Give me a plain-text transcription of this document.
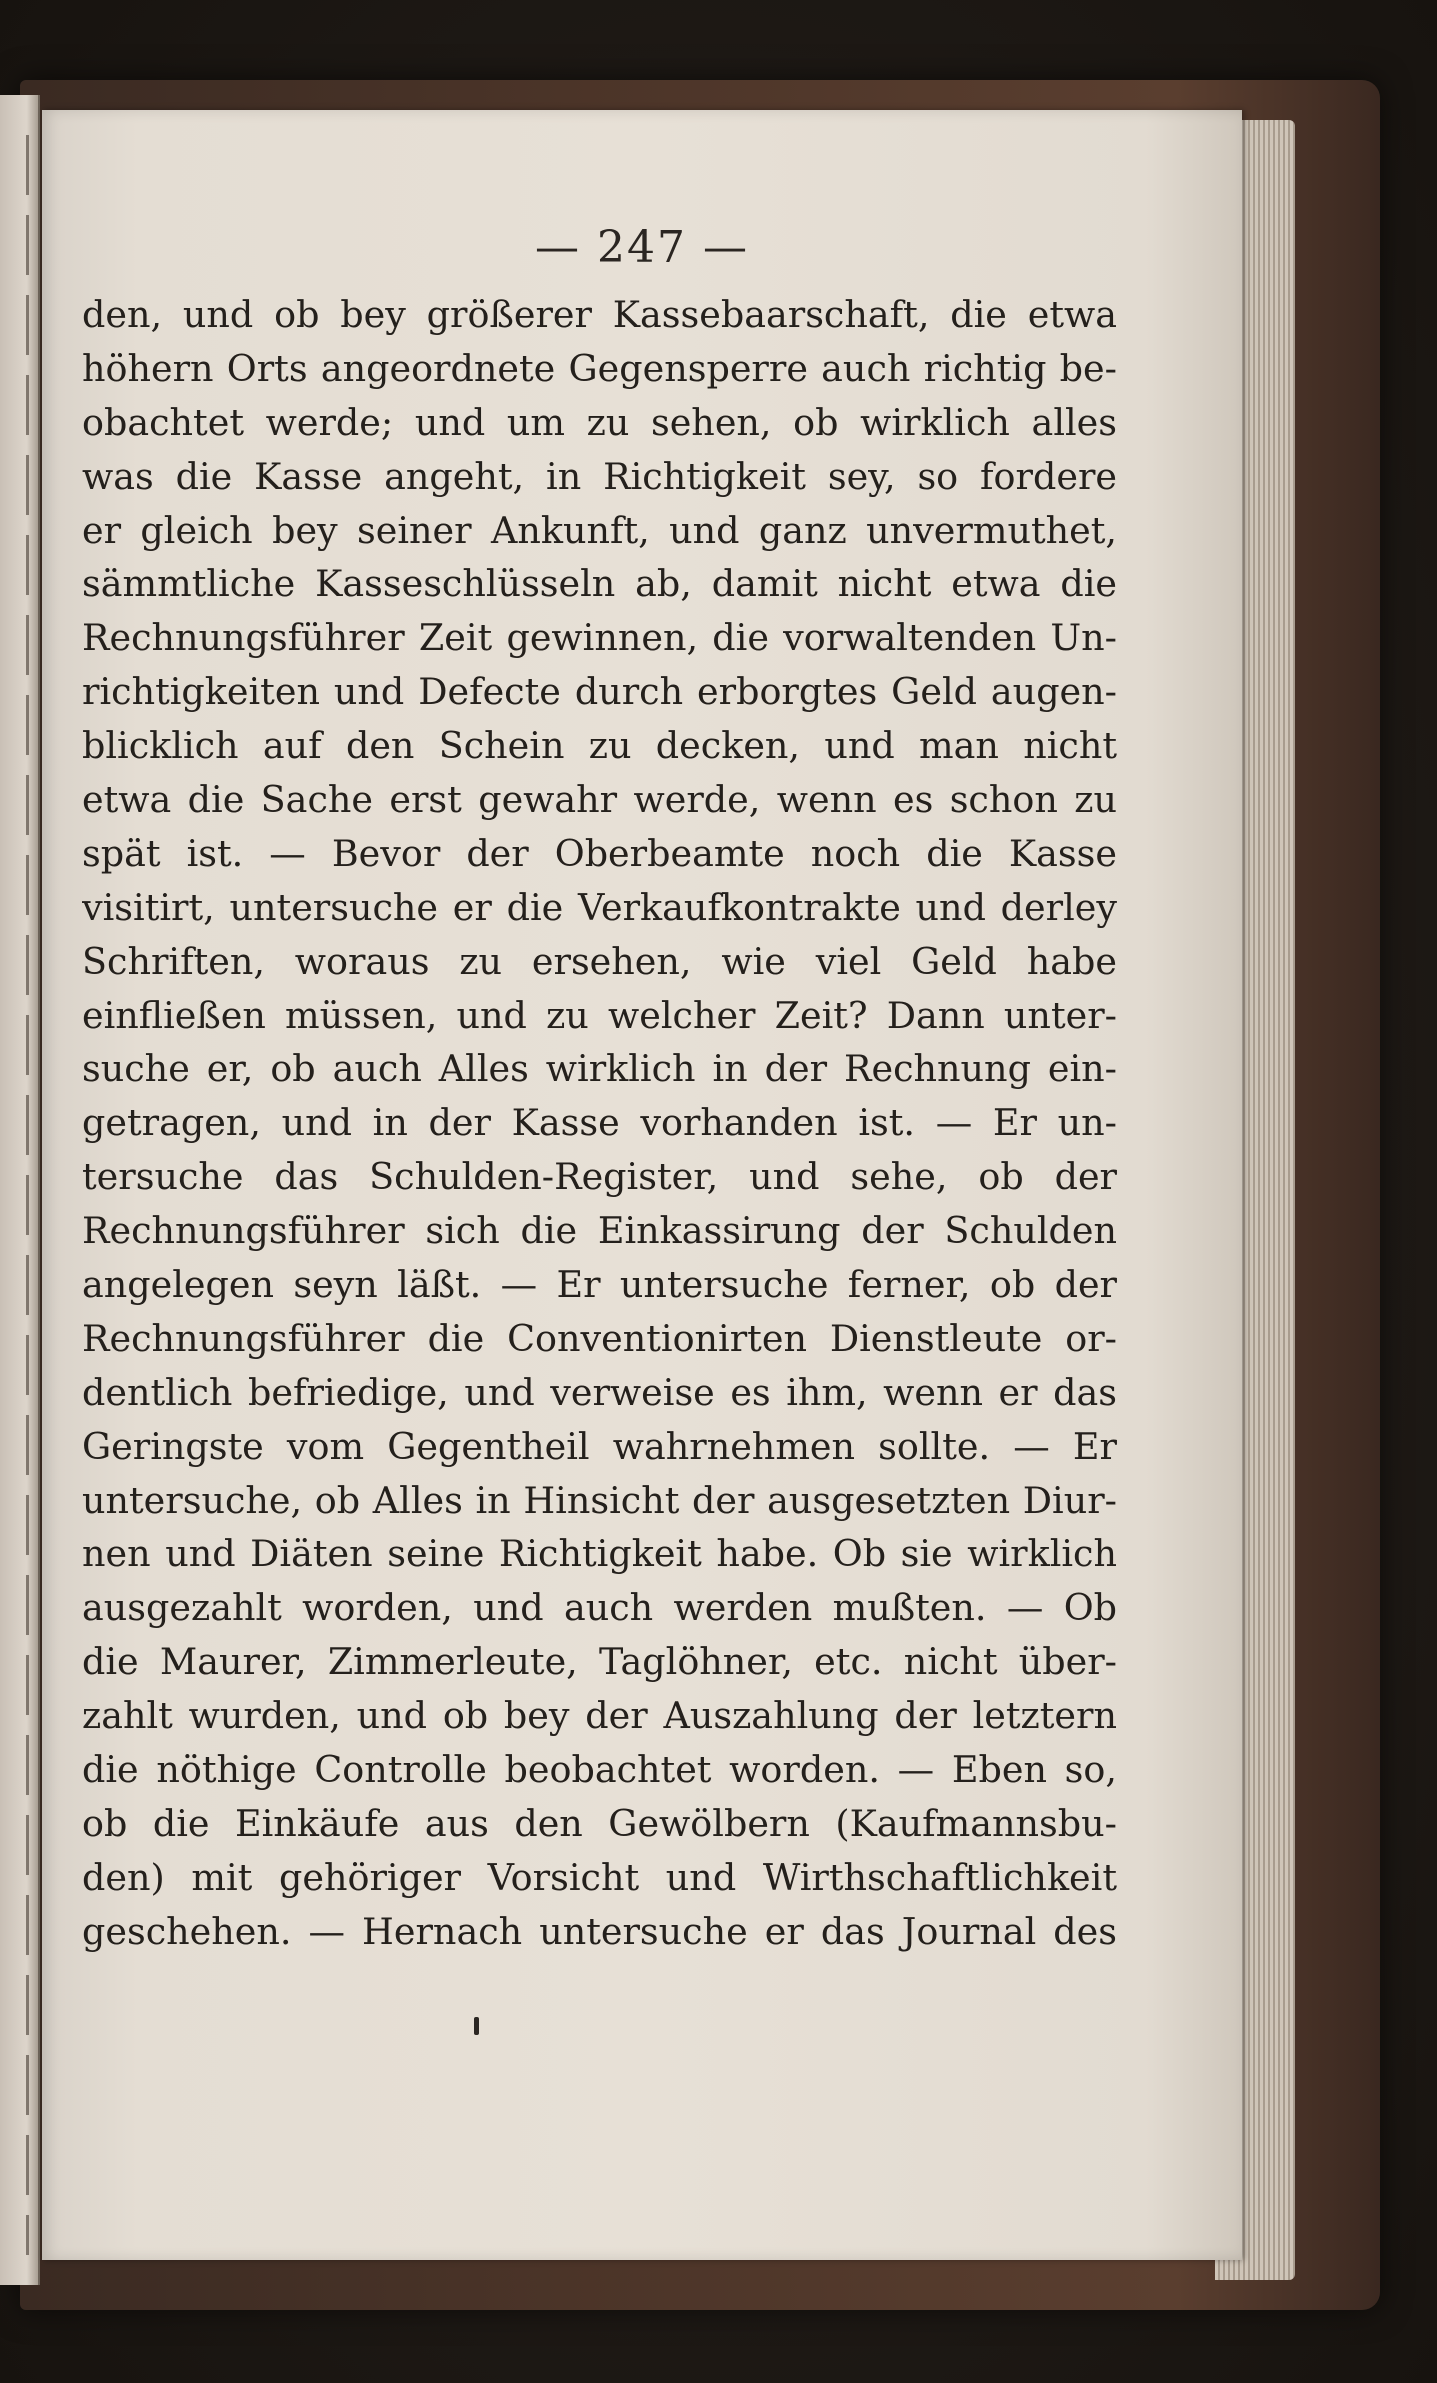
— 247 —
den, und ob bey größerer Kassebaarschaft, die etwa
höhern Orts angeordnete Gegensperre auch richtig be-
obachtet werde; und um zu sehen, ob wirklich alles
was die Kasse angeht, in Richtigkeit sey, so fordere
er gleich bey seiner Ankunft, und ganz unvermuthet,
sämmtliche Kasseschlüsseln ab, damit nicht etwa die
Rechnungsführer Zeit gewinnen, die vorwaltenden Un-
richtigkeiten und Defecte durch erborgtes Geld augen-
blicklich auf den Schein zu decken, und man nicht
etwa die Sache erst gewahr werde, wenn es schon zu
spät ist. — Bevor der Oberbeamte noch die Kasse
visitirt, untersuche er die Verkaufkontrakte und derley
Schriften, woraus zu ersehen, wie viel Geld habe
einfließen müssen, und zu welcher Zeit? Dann unter-
suche er, ob auch Alles wirklich in der Rechnung ein-
getragen, und in der Kasse vorhanden ist. — Er un-
tersuche das Schulden-Register, und sehe, ob der
Rechnungsführer sich die Einkassirung der Schulden
angelegen seyn läßt. — Er untersuche ferner, ob der
Rechnungsführer die Conventionirten Dienstleute or-
dentlich befriedige, und verweise es ihm, wenn er das
Geringste vom Gegentheil wahrnehmen sollte. — Er
untersuche, ob Alles in Hinsicht der ausgesetzten Diur-
nen und Diäten seine Richtigkeit habe. Ob sie wirklich
ausgezahlt worden, und auch werden mußten. — Ob
die Maurer, Zimmerleute, Taglöhner, etc. nicht über-
zahlt wurden, und ob bey der Auszahlung der letztern
die nöthige Controlle beobachtet worden. — Eben so,
ob die Einkäufe aus den Gewölbern (Kaufmannsbu-
den) mit gehöriger Vorsicht und Wirthschaftlichkeit
geschehen. — Hernach untersuche er das Journal des
